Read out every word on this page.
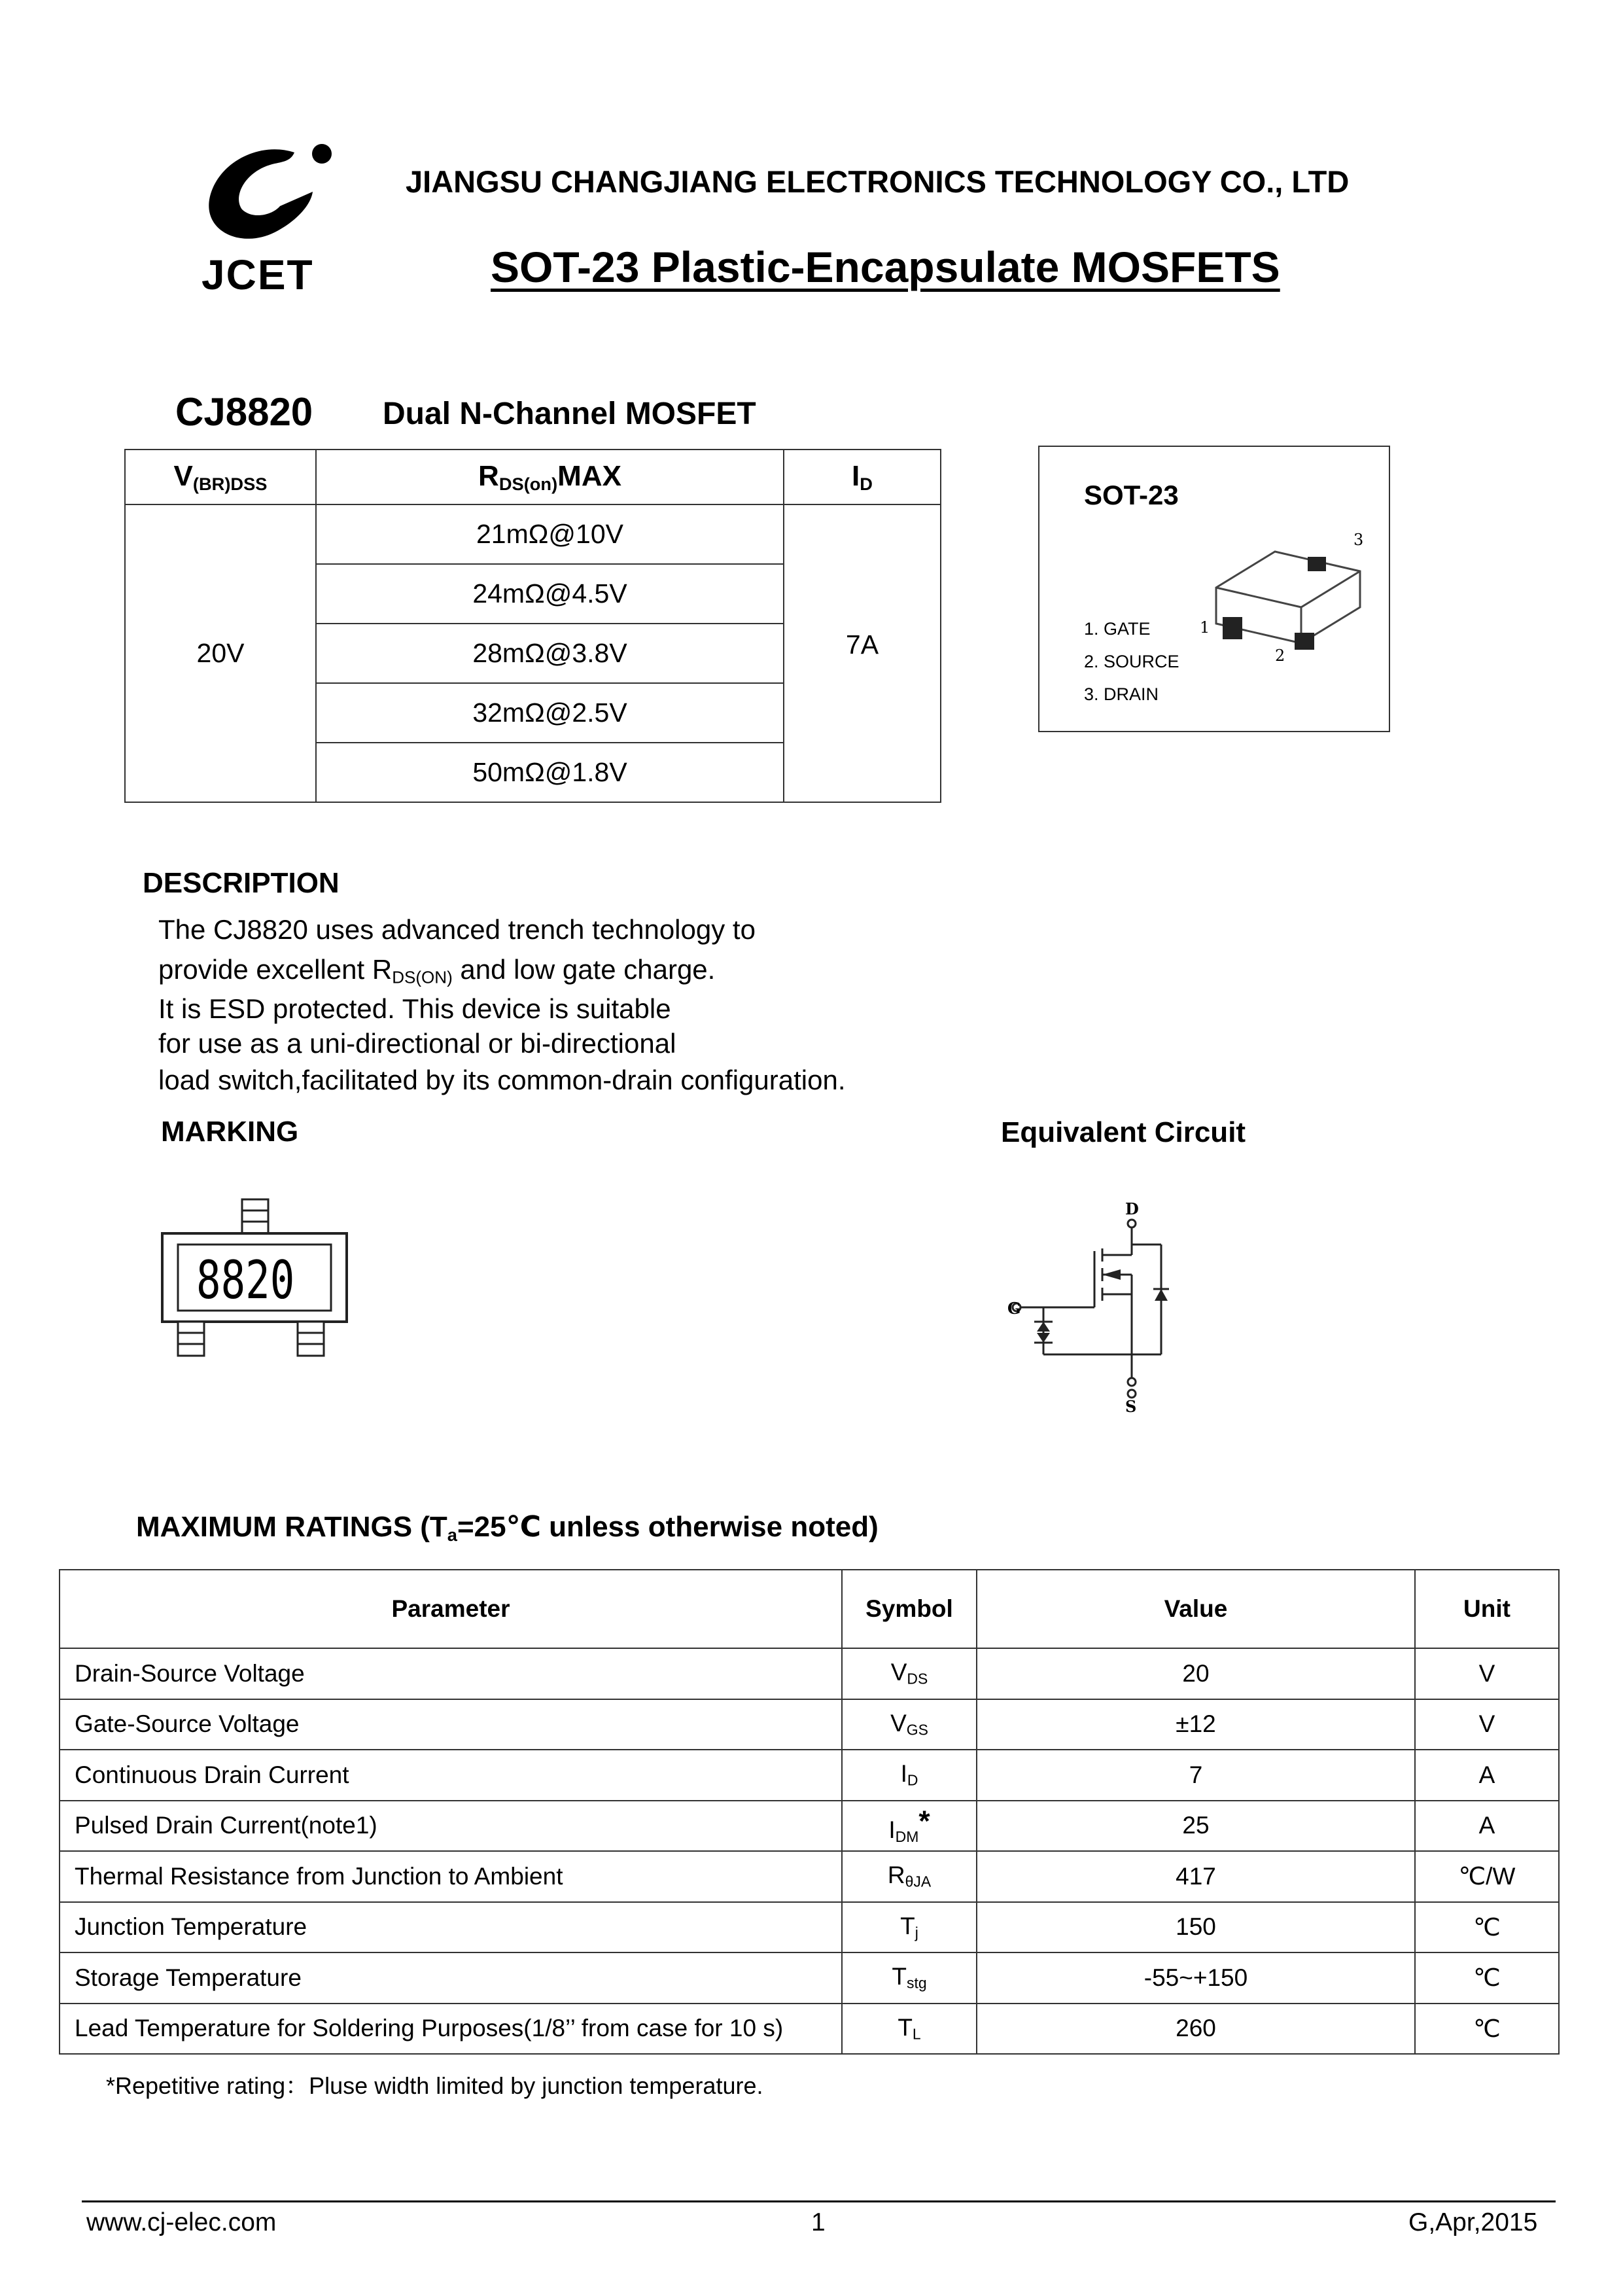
JCET
JIANGSU CHANGJIANG ELECTRONICS TECHNOLOGY CO., LTD
SOT-23 Plastic-Encapsulate MOSFETS
CJ8820 Dual N-Channel MOSFET
$V_{(BR)DSS}$	$R_{DS(on)}MAX$	$I_D$
20V	21mΩ@10V	7A
	24mΩ@4.5V	
	28mΩ@3.8V	
	32mΩ@2.5V	
	50mΩ@1.8V	
SOT-23
3
1
2
1. GATE
2. SOURCE
3. DRAIN
DESCRIPTION
The CJ8820 uses advanced trench technology to
provide excellent $R_{DS(ON)}$ and low gate charge.
It is ESD protected. This device is suitable
for use as a uni-directional or bi-directional
load switch,facilitated by its common-drain configuration.
MARKING
8820
Equivalent Circuit
D
G
S
MAXIMUM RATINGS ($T_a=25℃$ unless otherwise noted)
Parameter	Symbol	Value	Unit
Drain-Source Voltage	$V_{DS}$	20	V
Gate-Source Voltage	$V_{GS}$	±12	V
Continuous Drain Current	$I_D$	7	A
Pulsed Drain Current(note1)	$I_{DM}*$	25	A
Thermal Resistance from Junction to Ambient	$R_{\theta JA}$	417	℃/W
Junction Temperature	$T_j$	150	℃
Storage Temperature	$T_{stg}$	-55~+150	℃
Lead Temperature for Soldering Purposes(1/8’’ from case for 10 s)	$T_L$	260	℃
*Repetitive rating：Pluse width limited by junction temperature.
www.cj-elec.com	1	G,Apr,2015
